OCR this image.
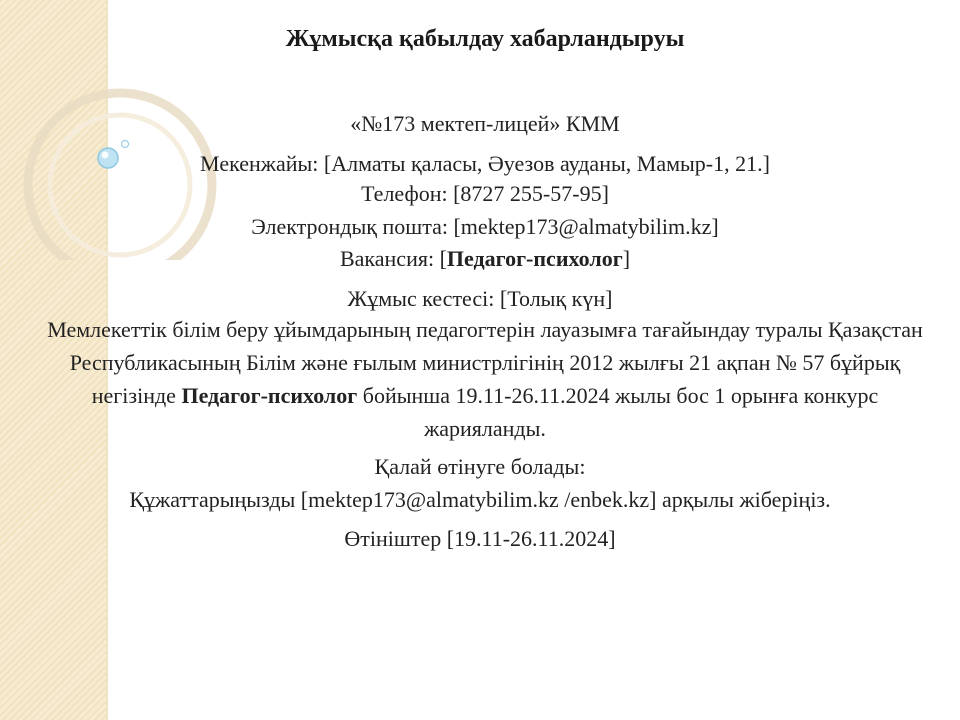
Жұмысқа қабылдау хабарландыруы
«№173 мектеп-лицей» КММ
Мекенжайы: [Алматы қаласы, Әуезов ауданы, Мамыр-1, 21.]
Телефон: [8727 255-57-95]
Электрондық пошта: [mektep173@almatybilim.kz]
Вакансия: [Педагог-психолог]
Жұмыс кестесі: [Толық күн]
Мемлекеттік білім беру ұйымдарының педагогтерін лауазымға тағайындау туралы Қазақстан Республикасының Білім және ғылым министрлігінің 2012 жылғы 21 ақпан № 57 бұйрық негізінде Педагог-психолог бойынша 19.11-26.11.2024 жылы бос 1 орынға конкурс жарияланды.
Қалай өтінуге болады:
Құжаттарыңызды [mektep173@almatybilim.kz /enbek.kz] арқылы жіберіңіз.
Өтініштер [19.11-26.11.2024]
